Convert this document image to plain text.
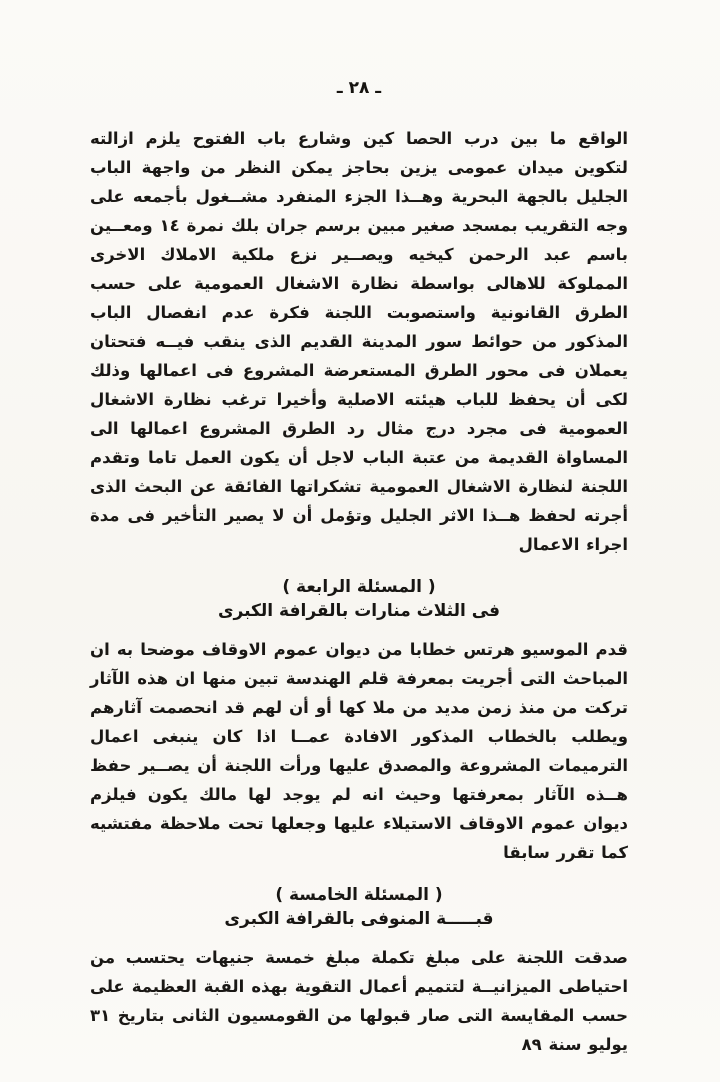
ـ ٢٨ ـ

الواقع ما بين درب الحصا كين وشارع باب الفتوح يلزم ازالته لتكوين ميدان عمومى يزين بحاجز يمكن النظر من واجهة الباب الجليل بالجهة البحرية وهــذا الجزء المنفرد مشــغول بأجمعه على وجه التقريب بمسجد صغير مبين برسم جران بلك نمرة ١٤ ومعــين باسم عبد الرحمن كيخيه ويصــير نزع ملكية الاملاك الاخرى المملوكة للاهالى بواسطة نظارة الاشغال العمومية على حسب الطرق القانونية واستصوبت اللجنة فكرة عدم انفصال الباب المذكور من حوائط سور المدينة القديم الذى ينقب فيــه فتحتان يعملان فى محور الطرق المستعرضة المشروع فى اعمالها وذلك لكى أن يحفظ للباب هيئته الاصلية وأخيرا ترغب نظارة الاشغال العمومية فى مجرد درج مثال رد الطرق المشروع اعمالها الى المساواة القديمة من عتبة الباب لاجل أن يكون العمل تاما وتقدم اللجنة لنظارة الاشغال العمومية تشكراتها الفائقة عن البحث الذى أجرته لحفظ هــذا الاثر الجليل وتؤمل أن لا يصير التأخير فى مدة اجراء الاعمال

( المسئلة الرابعة )
فى الثلاث منارات بالقرافة الكبرى

قدم الموسيو هرتس خطابا من ديوان عموم الاوقاف موضحا به ان المباحث التى أجريت بمعرفة قلم الهندسة تبين منها ان هذه الآثار تركت من منذ زمن مديد من ملا كها أو أن لهم قد انحصمت آثارهم ويطلب بالخطاب المذكور الافادة عمــا اذا كان ينبغى اعمال الترميمات المشروعة والمصدق عليها ورأت اللجنة أن يصــير حفظ هــذه الآثار بمعرفتها وحيث انه لم يوجد لها مالك يكون فيلزم ديوان عموم الاوقاف الاستيلاء عليها وجعلها تحت ملاحظة مفتشيه كما تقرر سابقا

( المسئلة الخامسة )
قبـــــة المنوفى بالقرافة الكبرى

صدقت اللجنة على مبلغ تكملة مبلغ خمسة جنيهات يحتسب من احتياطى الميزانيــة لتتميم أعمال التقوية بهذه القبة العظيمة على حسب المقايسة التى صار قبولها من القومسيون الثانى بتاريخ ٣١ يوليو سنة ٨٩
